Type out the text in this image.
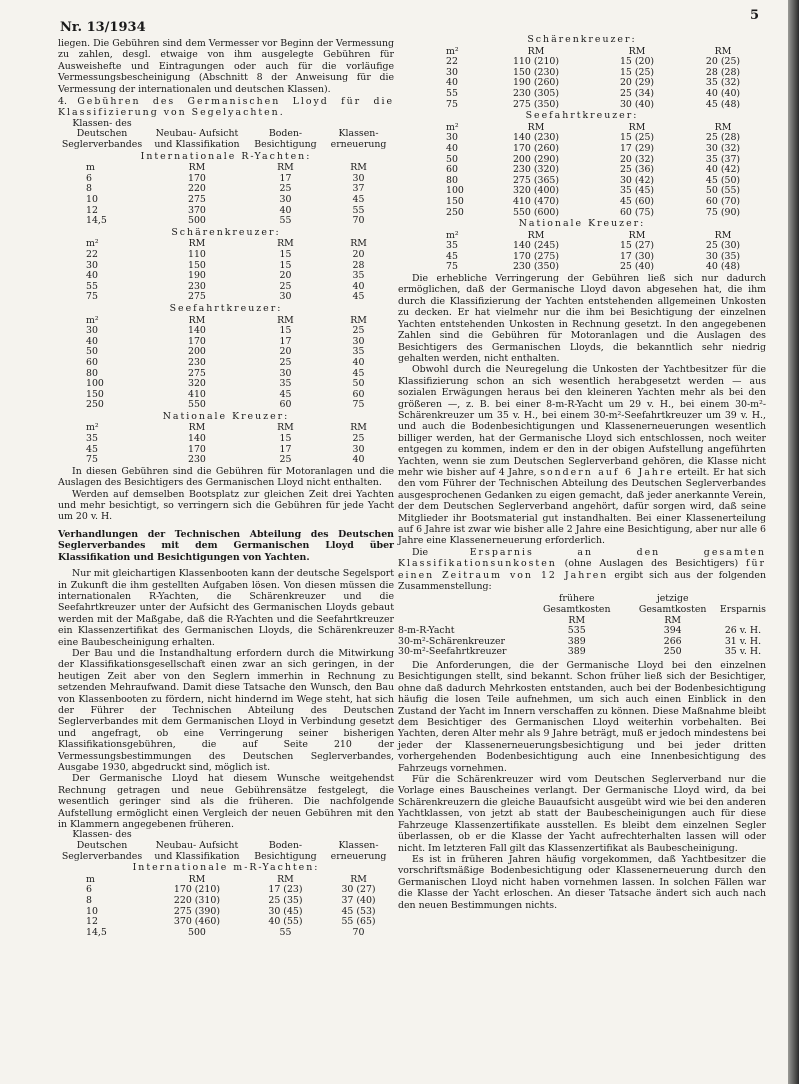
Nr. 13/1934
5

liegen. Die Gebühren sind dem Vermesser vor Beginn der Vermessung zu zahlen, desgl. etwaige von ihm ausgelegte Gebühren für Ausweishefte und Eintragungen oder auch für die vorläufige Vermessungsbescheinigung (Abschnitt 8 der Anweisung für die Vermessung der internationalen und deutschen Klassen).

4. Gebühren des Germanischen Lloyd für die Klassifizierung von Segelyachten.

Klassen- des Deutschen Seglerverbandes	Neubau- Aufsicht und Klassifikation	Boden- Besichtigung	Klassen- erneuerung
Internationale R-Yachten:			
m	RM	RM	RM
6	170	17	30
8	220	25	37
10	275	30	45
12	370	40	55
14,5	500	55	70
Schärenkreuzer:			
m²	RM	RM	RM
22	110	15	20
30	150	15	28
40	190	20	35
55	230	25	40
75	275	30	45
Seefahrtkreuzer:			
m²	RM	RM	RM
30	140	15	25
40	170	17	30
50	200	20	35
60	230	25	40
80	275	30	45
100	320	35	50
150	410	45	60
250	550	60	75
Nationale Kreuzer:			
m²	RM	RM	RM
35	140	15	25
45	170	17	30
75	230	25	40

In diesen Gebühren sind die Gebühren für Motoranlagen und die Auslagen des Besichtigers des Germanischen Lloyd nicht enthalten.

Werden auf demselben Bootsplatz zur gleichen Zeit drei Yachten und mehr besichtigt, so verringern sich die Gebühren für jede Yacht um 20 v. H.

Verhandlungen der Technischen Abteilung des Deutschen Seglerverbandes mit dem Germanischen Lloyd über Klassifikation und Besichtigungen von Yachten.

Nur mit gleichartigen Klassenbooten kann der deutsche Segelsport in Zukunft die ihm gestellten Aufgaben lösen. Von diesen müssen die internationalen R-Yachten, die Schärenkreuzer und die Seefahrtkreuzer unter der Aufsicht des Germanischen Lloyds gebaut werden mit der Maßgabe, daß die R-Yachten und die Seefahrtkreuzer ein Klassenzertifikat des Germanischen Lloyds, die Schärenkreuzer eine Baubescheinigung erhalten.

Der Bau und die Instandhaltung erfordern durch die Mitwirkung der Klassifikationsgesellschaft einen zwar an sich geringen, in der heutigen Zeit aber von den Seglern immerhin in Rechnung zu setzenden Mehraufwand. Damit diese Tatsache den Wunsch, den Bau von Klassenbooten zu fördern, nicht hindernd im Wege steht, hat sich der Führer der Technischen Abteilung des Deutschen Seglerverbandes mit dem Germanischen Lloyd in Verbindung gesetzt und angefragt, ob eine Verringerung seiner bisherigen Klassifikationsgebühren, die auf Seite 210 der Vermessungsbestimmungen des Deutschen Seglerverbandes, Ausgabe 1930, abgedruckt sind, möglich ist.

Der Germanische Lloyd hat diesem Wunsche weitgehendst Rechnung getragen und neue Gebührensätze festgelegt, die wesentlich geringer sind als die früheren. Die nachfolgende Aufstellung ermöglicht einen Vergleich der neuen Gebühren mit den in Klammern angegebenen früheren.

Klassen- des Deutschen Seglerverbandes	Neubau- Aufsicht und Klassifikation	Boden- Besichtigung	Klassen- erneuerung
Internationale m-R-Yachten:			
m	RM	RM	RM
6	170 (210)	17 (23)	30 (27)
8	220 (310)	25 (35)	37 (40)
10	275 (390)	30 (45)	45 (53)
12	370 (460)	40 (55)	55 (65)
14,5	500	55	70
Schärenkreuzer:			
m²	RM	RM	RM
22	110 (210)	15 (20)	20 (25)
30	150 (230)	15 (25)	28 (28)
40	190 (260)	20 (29)	35 (32)
55	230 (305)	25 (34)	40 (40)
75	275 (350)	30 (40)	45 (48)
Seefahrtkreuzer:			
m²	RM	RM	RM
30	140 (230)	15 (25)	25 (28)
40	170 (260)	17 (29)	30 (32)
50	200 (290)	20 (32)	35 (37)
60	230 (320)	25 (36)	40 (42)
80	275 (365)	30 (42)	45 (50)
100	320 (400)	35 (45)	50 (55)
150	410 (470)	45 (60)	60 (70)
250	550 (600)	60 (75)	75 (90)
Nationale Kreuzer:			
m²	RM	RM	RM
35	140 (245)	15 (27)	25 (30)
45	170 (275)	17 (30)	30 (35)
75	230 (350)	25 (40)	40 (48)

Die erhebliche Verringerung der Gebühren ließ sich nur dadurch ermöglichen, daß der Germanische Lloyd davon abgesehen hat, die ihm durch die Klassifizierung der Yachten entstehenden allgemeinen Unkosten zu decken. Er hat vielmehr nur die ihm bei Besichtigung der einzelnen Yachten entstehenden Unkosten in Rechnung gesetzt. In den angegebenen Zahlen sind die Gebühren für Motoranlagen und die Auslagen des Besichtigers des Germanischen Lloyds, die bekanntlich sehr niedrig gehalten werden, nicht enthalten.

Obwohl durch die Neuregelung die Unkosten der Yachtbesitzer für die Klassifizierung schon an sich wesentlich herabgesetzt werden — aus sozialen Erwägungen heraus bei den kleineren Yachten mehr als bei den größeren —, z. B. bei einer 8-m-R-Yacht um 29 v. H., bei einem 30-m²-Schärenkreuzer um 35 v. H., bei einem 30-m²-Seefahrtkreuzer um 39 v. H., und auch die Bodenbesichtigungen und Klassenerneuerungen wesentlich billiger werden, hat der Germanische Lloyd sich entschlossen, noch weiter entgegen zu kommen, indem er den in der obigen Aufstellung angeführten Yachten, wenn sie zum Deutschen Seglerverband gehören, die Klasse nicht mehr wie bisher auf 4 Jahre, sondern auf 6 Jahre erteilt. Er hat sich den vom Führer der Technischen Abteilung des Deutschen Seglerverbandes ausgesprochenen Gedanken zu eigen gemacht, daß jeder anerkannte Verein, der dem Deutschen Seglerverband angehört, dafür sorgen wird, daß seine Mitglieder ihr Bootsmaterial gut instandhalten. Bei einer Klassenerteilung auf 6 Jahre ist zwar wie bisher alle 2 Jahre eine Besichtigung, aber nur alle 6 Jahre eine Klassenerneuerung erforderlich.

Die	Ersparnis an den gesamten Klassifikationsunkosten (ohne Auslagen des Besichtigers) für einen Zeitraum von 12 Jahren ergibt sich aus der folgenden Zusammenstellung:

	frühere Gesamtkosten	jetzige Gesamtkosten	Ersparnis
	RM	RM	
8-m-R-Yacht	535	394	26 v. H.
30-m²-Schärenkreuzer	389	266	31 v. H.
30-m²-Seefahrtkreuzer	389	250	35 v. H.

Die Anforderungen, die der Germanische Lloyd bei den einzelnen Besichtigungen stellt, sind bekannt. Schon früher ließ sich der Besichtiger, ohne daß dadurch Mehrkosten entstanden, auch bei der Bodenbesichtigung häufig die losen Teile aufnehmen, um sich auch einen Einblick in den Zustand der Yacht im Innern verschaffen zu können. Diese Maßnahme bleibt dem Besichtiger des Germanischen Lloyd weiterhin vorbehalten. Bei Yachten, deren Alter mehr als 9 Jahre beträgt, muß er jedoch mindestens bei jeder der Klassenerneuerungsbesichtigung und bei jeder dritten vorhergehenden Bodenbesichtigung auch eine Innenbesichtigung des Fahrzeugs vornehmen.

Für die Schärenkreuzer wird vom Deutschen Seglerverband nur die Vorlage eines Bauscheines verlangt. Der Germanische Lloyd wird, da bei Schärenkreuzern die gleiche Bauaufsicht ausgeübt wird wie bei den anderen Yachtklassen, von jetzt ab statt der Baubescheinigungen auch für diese Fahrzeuge Klassenzertifikate ausstellen. Es bleibt dem einzelnen Segler überlassen, ob er die Klasse der Yacht aufrechterhalten lassen will oder nicht. Im letzteren Fall gilt das Klassenzertifikat als Baubescheinigung.

Es ist in früheren Jahren häufig vorgekommen, daß Yachtbesitzer die vorschriftsmäßige Bodenbesichtigung oder Klassenerneuerung durch den Germanischen Lloyd nicht haben vornehmen lassen. In solchen Fällen war die Klasse der Yacht erloschen. An dieser Tatsache ändert sich auch nach den neuen Bestimmungen nichts.
